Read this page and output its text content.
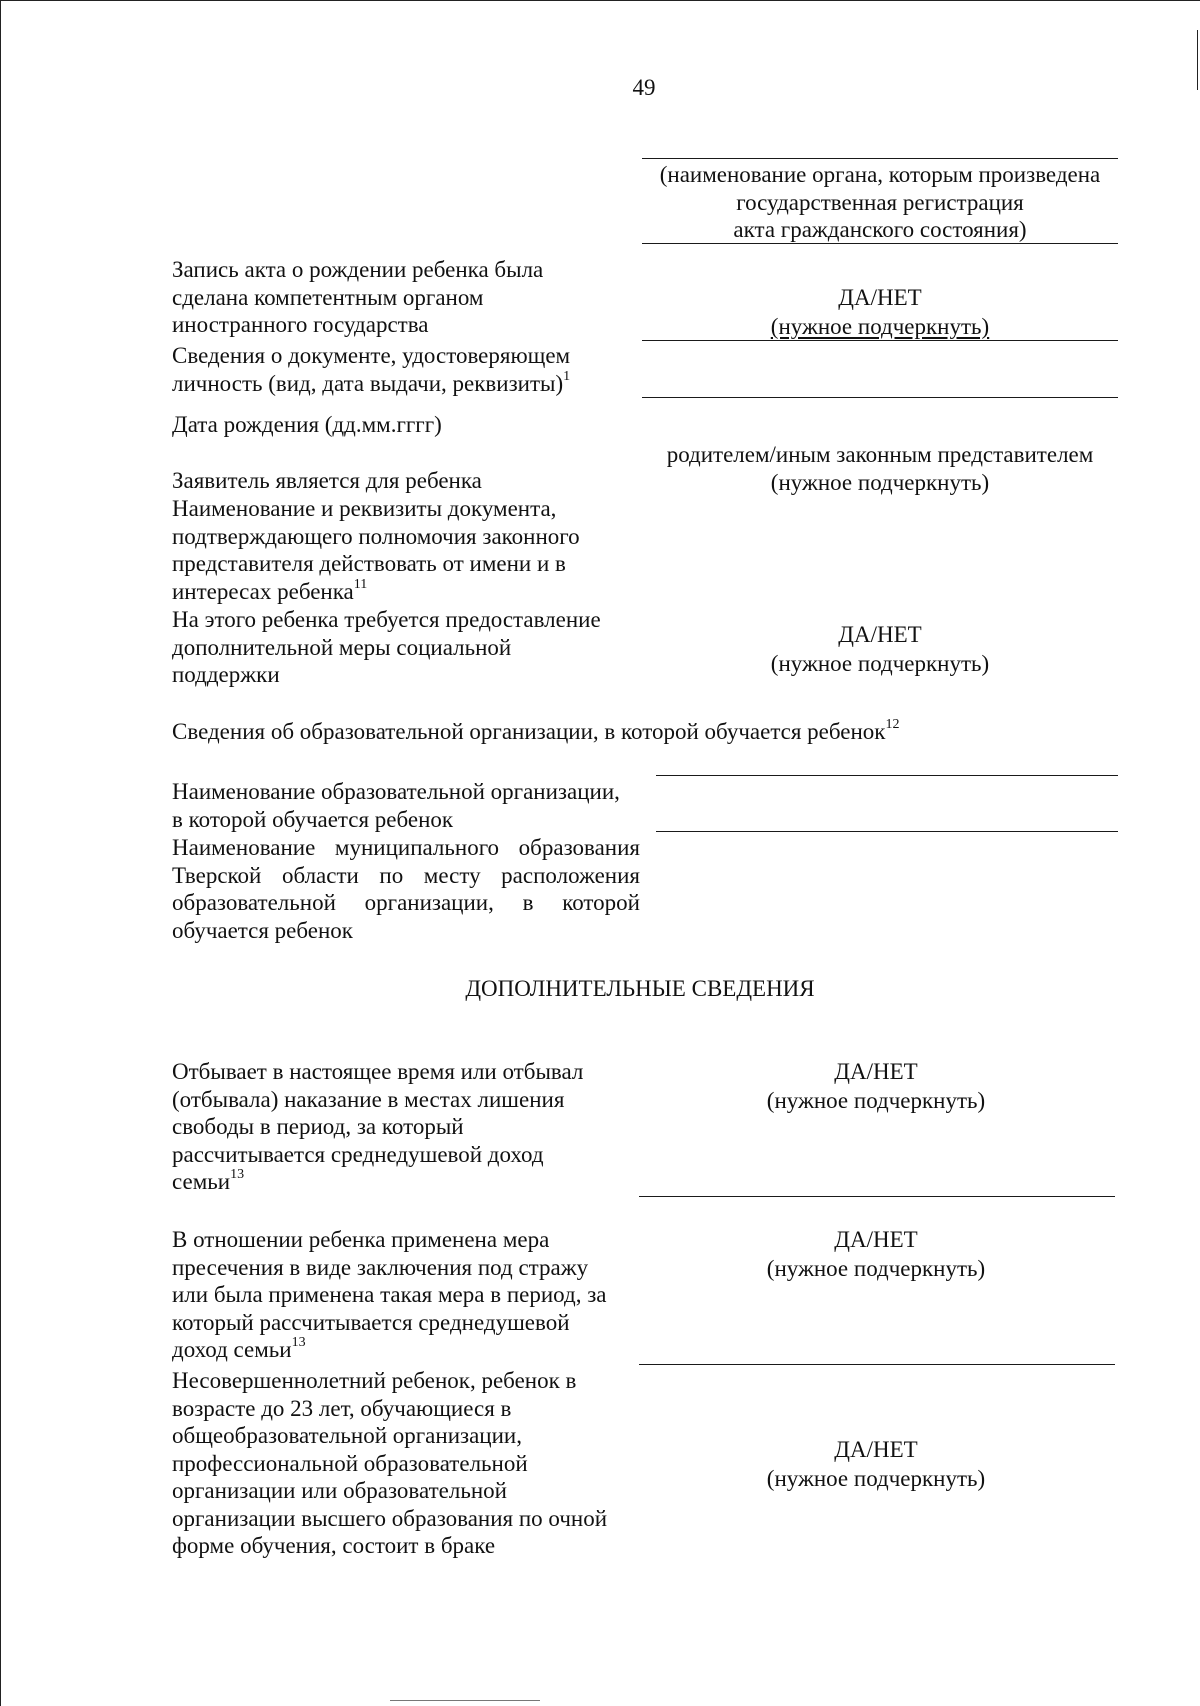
49
(наименование органа, которым произведена
государственная регистрация
акта гражданского состояния)

Запись акта о рождении ребенка была

сделана компетентным органом

иностранного государства

ДА/НЕТ
(нужное подчеркнуть)

Сведения о документе, удостоверяющем

личность (вид, дата выдачи, реквизиты)$^1$

Дата рождения (дд.мм.гггг)
родителем/иным законным представителем
(нужное подчеркнуть)
Заявитель является для ребенка

Наименование и реквизиты документа,

подтверждающего полномочия законного

представителя действовать от имени и в

интересах ребенка$^{11}$

На этого ребенка требуется предоставление

дополнительной меры социальной

поддержки

ДА/НЕТ
(нужное подчеркнуть)
Сведения об образовательной организации, в которой обучается ребенок$^{12}$

Наименование образовательной организации,

в которой обучается ребенок

Наименование муниципального образования

Тверской области по месту расположения

образовательной организации, в которой

обучается ребенок

ДОПОЛНИТЕЛЬНЫЕ СВЕДЕНИЯ

Отбывает в настоящее время или отбывал

(отбывала) наказание в местах лишения

свободы в период, за который

рассчитывается среднедушевой доход

семьи$^{13}$

ДА/НЕТ
(нужное подчеркнуть)

В отношении ребенка применена мера

пресечения в виде заключения под стражу

или была применена такая мера в период, за

который рассчитывается среднедушевой

доход семьи$^{13}$

ДА/НЕТ
(нужное подчеркнуть)

Несовершеннолетний ребенок, ребенок в

возрасте до 23 лет, обучающиеся в

общеобразовательной организации,

профессиональной образовательной

организации или образовательной

организации высшего образования по очной

форме обучения, состоит в браке

ДА/НЕТ
(нужное подчеркнуть)
